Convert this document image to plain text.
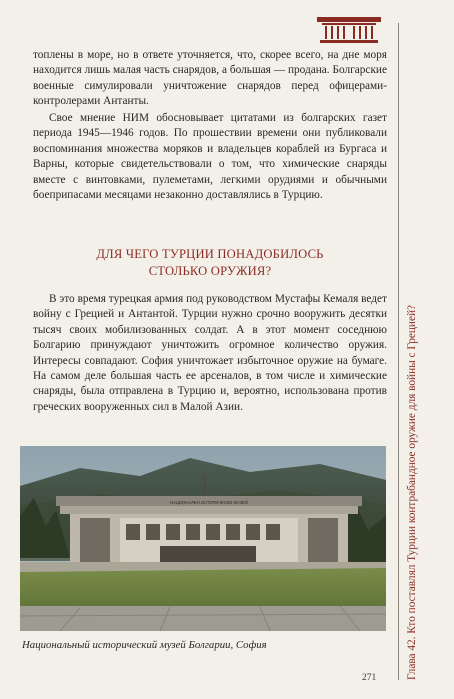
топлены в море, но в ответе уточняется, что, скорее всего, на дне моря находится лишь малая часть снарядов, а большая — продана. Болгарские военные симулировали уничтожение снарядов перед офицерами-контролерами Антанты.

Свое мнение НИМ обосновывает цитатами из болгарских газет периода 1945—1946 годов. По прошествии времени они публиковали воспоминания множества моряков и владельцев кораблей из Бургаса и Варны, которые свидетельствовали о том, что химические снаряды вместе с винтовками, пулеметами, легкими орудиями и обычными боеприпасами месяцами незаконно доставлялись в Турцию.

ДЛЯ ЧЕГО ТУРЦИИ ПОНАДОБИЛОСЬ
СТОЛЬКО ОРУЖИЯ?

В это время турецкая армия под руководством Мустафы Кемаля ведет войну с Грецией и Антантой. Турции нужно срочно вооружить десятки тысяч своих мобилизованных солдат. А в этот момент соседнюю Болгарию принуждают уничтожить огромное количество оружия. Интересы совпадают. София уничтожает избыточное оружие на бумаге. На самом деле большая часть ее арсеналов, в том числе и химические снаряды, была отправлена в Турцию и, вероятно, использована против греческих вооруженных сил в Малой Азии.

НАЦИОНАЛЕН ИСТОРИЧЕСКИ МУЗЕЙ
Национальный исторический музей Болгарии, София	Глава 42. Кто поставлял Турции контрабандное оружие для войны с Грецией?
271
